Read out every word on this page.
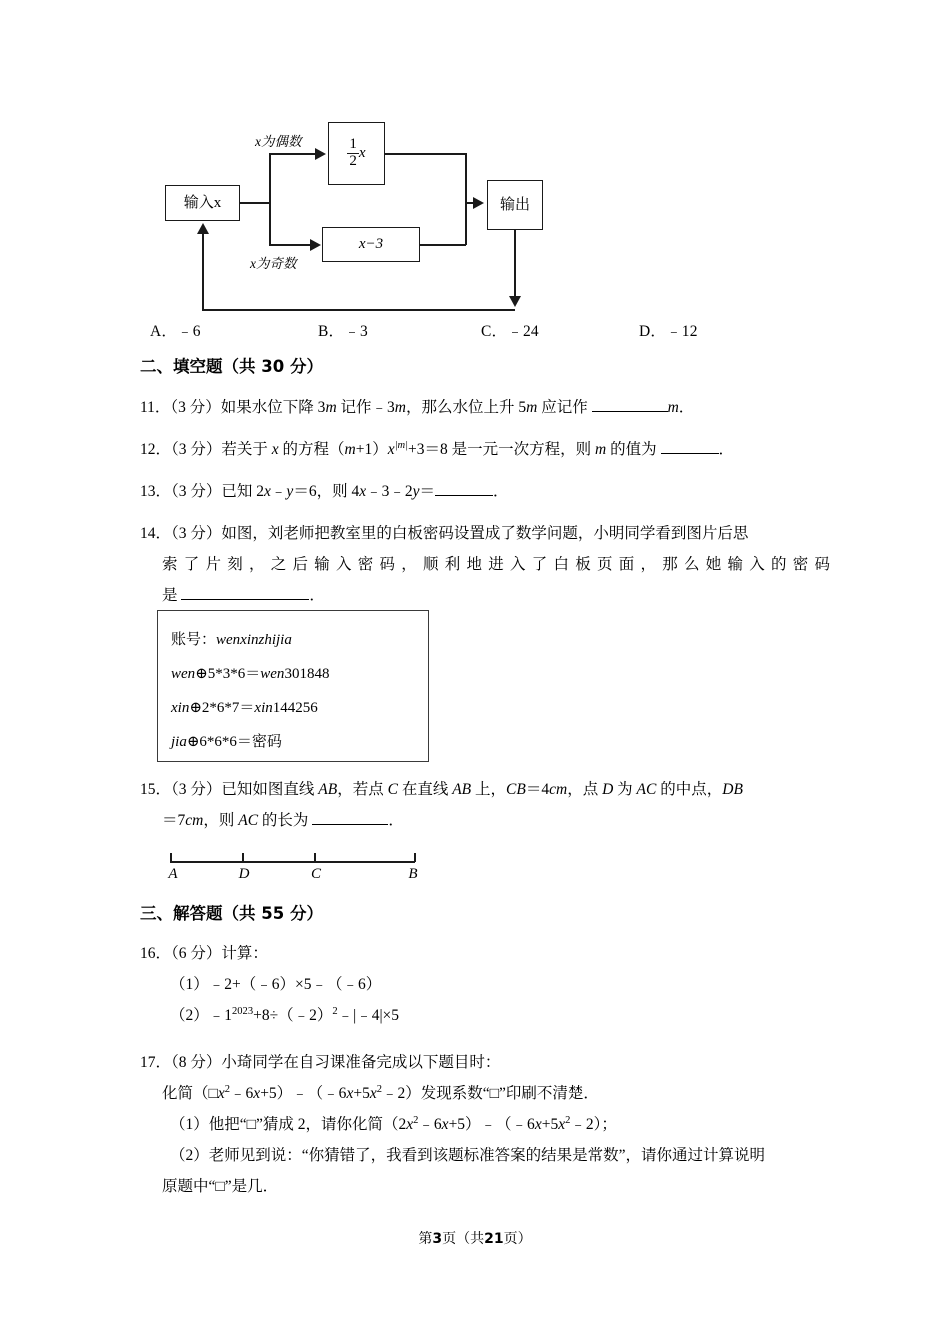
输入x
$\frac{1}{2}$ x
x−3
输出
x为偶数
x为奇数
A．﹣6	B．﹣3	C．﹣24	D．﹣12
二、填空题（共 30 分）
11．（3 分）如果水位下降 3m 记作﹣3m，那么水位上升 5m 应记作	m．
12．（3 分）若关于 x 的方程$(m+1)x^{|m|}+3=8$ 是一元一次方程，则 m 的值为	．
13．（3 分）已知 2x﹣y＝6，则 4x﹣3﹣2y＝	．
14．（3 分）如图，刘老师把教室里的白板密码设置成了数学问题，小明同学看到图片后思
索了片刻，之后输入密码，顺利地进入了白板页面，那么她输入的密码
是	．
账号：wenxinzhijia
wen⊕5*3*6＝wen301848
xin⊕2*6*7＝xin144256
jia⊕6*6*6＝密码
15．（3 分）已知如图直线 AB，若点 C 在直线 AB 上，CB＝4cm，点 D 为 AC 的中点，DB
＝7cm，则 AC 的长为	．
A	D	C	B
三、解答题（共 55 分）
16．（6 分）计算：
（1）﹣2+（﹣6）×5﹣（﹣6）
$(2)﹣1^{2023}+8\div(﹣2)^2﹣|﹣4|\times 5$
17．（8 分）小琦同学在自习课准备完成以下题目时：
化简$(□x^2﹣6x+5)﹣(﹣6x+5x^2﹣2)$发现系数“□”印刷不清楚．
（1）他把“□”猜成 2，请你化简$(2x^2﹣6x+5)﹣(﹣6x+5x^2﹣2)$；
（2）老师见到说：“你猜错了，我看到该题标准答案的结果是常数”，请你通过计算说明
原题中“□”是几．
第3页（共21页）
